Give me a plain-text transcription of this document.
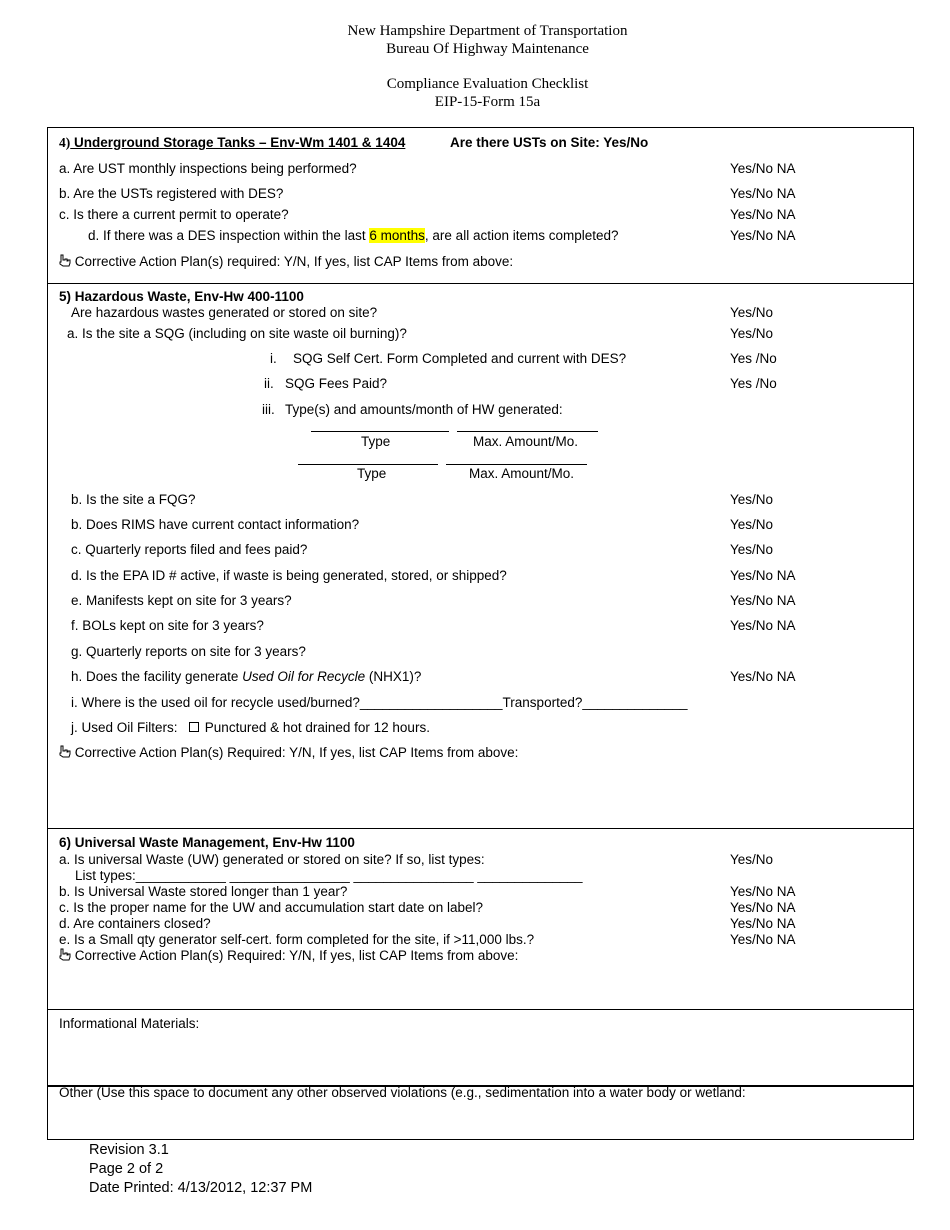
New Hampshire Department of Transportation
Bureau Of Highway Maintenance
Compliance Evaluation Checklist
EIP-15-Form 15a
4) Underground Storage Tanks – Env-Wm 1401 & 1404	Are there USTs on Site: Yes/No
a. Are UST monthly inspections being performed?	Yes/No NA
b. Are the USTs registered with DES?	Yes/No NA
c. Is there a current permit to operate?	Yes/No NA
d. If there was a DES inspection within the last 6 months, are all action items completed?	Yes/No NA
Corrective Action Plan(s) required: Y/N, If yes, list CAP Items from above:
5) Hazardous Waste, Env-Hw 400-1100
Are hazardous wastes generated or stored on site?	Yes/No
a. Is the site a SQG (including on site waste oil burning)?	Yes/No
i. SQG Self Cert. Form Completed and current with DES?	Yes /No
ii. SQG Fees Paid?	Yes /No
iii. Type(s) and amounts/month of HW generated:
Type	Max. Amount/Mo.
Type	Max. Amount/Mo.
b. Is the site a FQG?	Yes/No
b. Does RIMS have current contact information?	Yes/No
c. Quarterly reports filed and fees paid?	Yes/No
d. Is the EPA ID # active, if waste is being generated, stored, or shipped?	Yes/No NA
e. Manifests kept on site for 3 years?	Yes/No NA
f. BOLs kept on site for 3 years?	Yes/No NA
g. Quarterly reports on site for 3 years?
h. Does the facility generate Used Oil for Recycle (NHX1)?	Yes/No NA
i. Where is the used oil for recycle used/burned?___________________Transported?______________
j. Used Oil Filters: Punctured & hot drained for 12 hours.
Corrective Action Plan(s) Required: Y/N, If yes, list CAP Items from above:
6) Universal Waste Management, Env-Hw 1100
a. Is universal Waste (UW) generated or stored on site? If so, list types:	Yes/No
List types:____________ ________________ ________________ ______________
b. Is Universal Waste stored longer than 1 year?	Yes/No NA
c. Is the proper name for the UW and accumulation start date on label?	Yes/No NA
d. Are containers closed?	Yes/No NA
e. Is a Small qty generator self-cert. form completed for the site, if >11,000 lbs.?	Yes/No NA
Corrective Action Plan(s) Required: Y/N, If yes, list CAP Items from above:
Informational Materials:
Other (Use this space to document any other observed violations (e.g., sedimentation into a water body or wetland:
Revision 3.1
Page 2 of 2
Date Printed: 4/13/2012, 12:37 PM
